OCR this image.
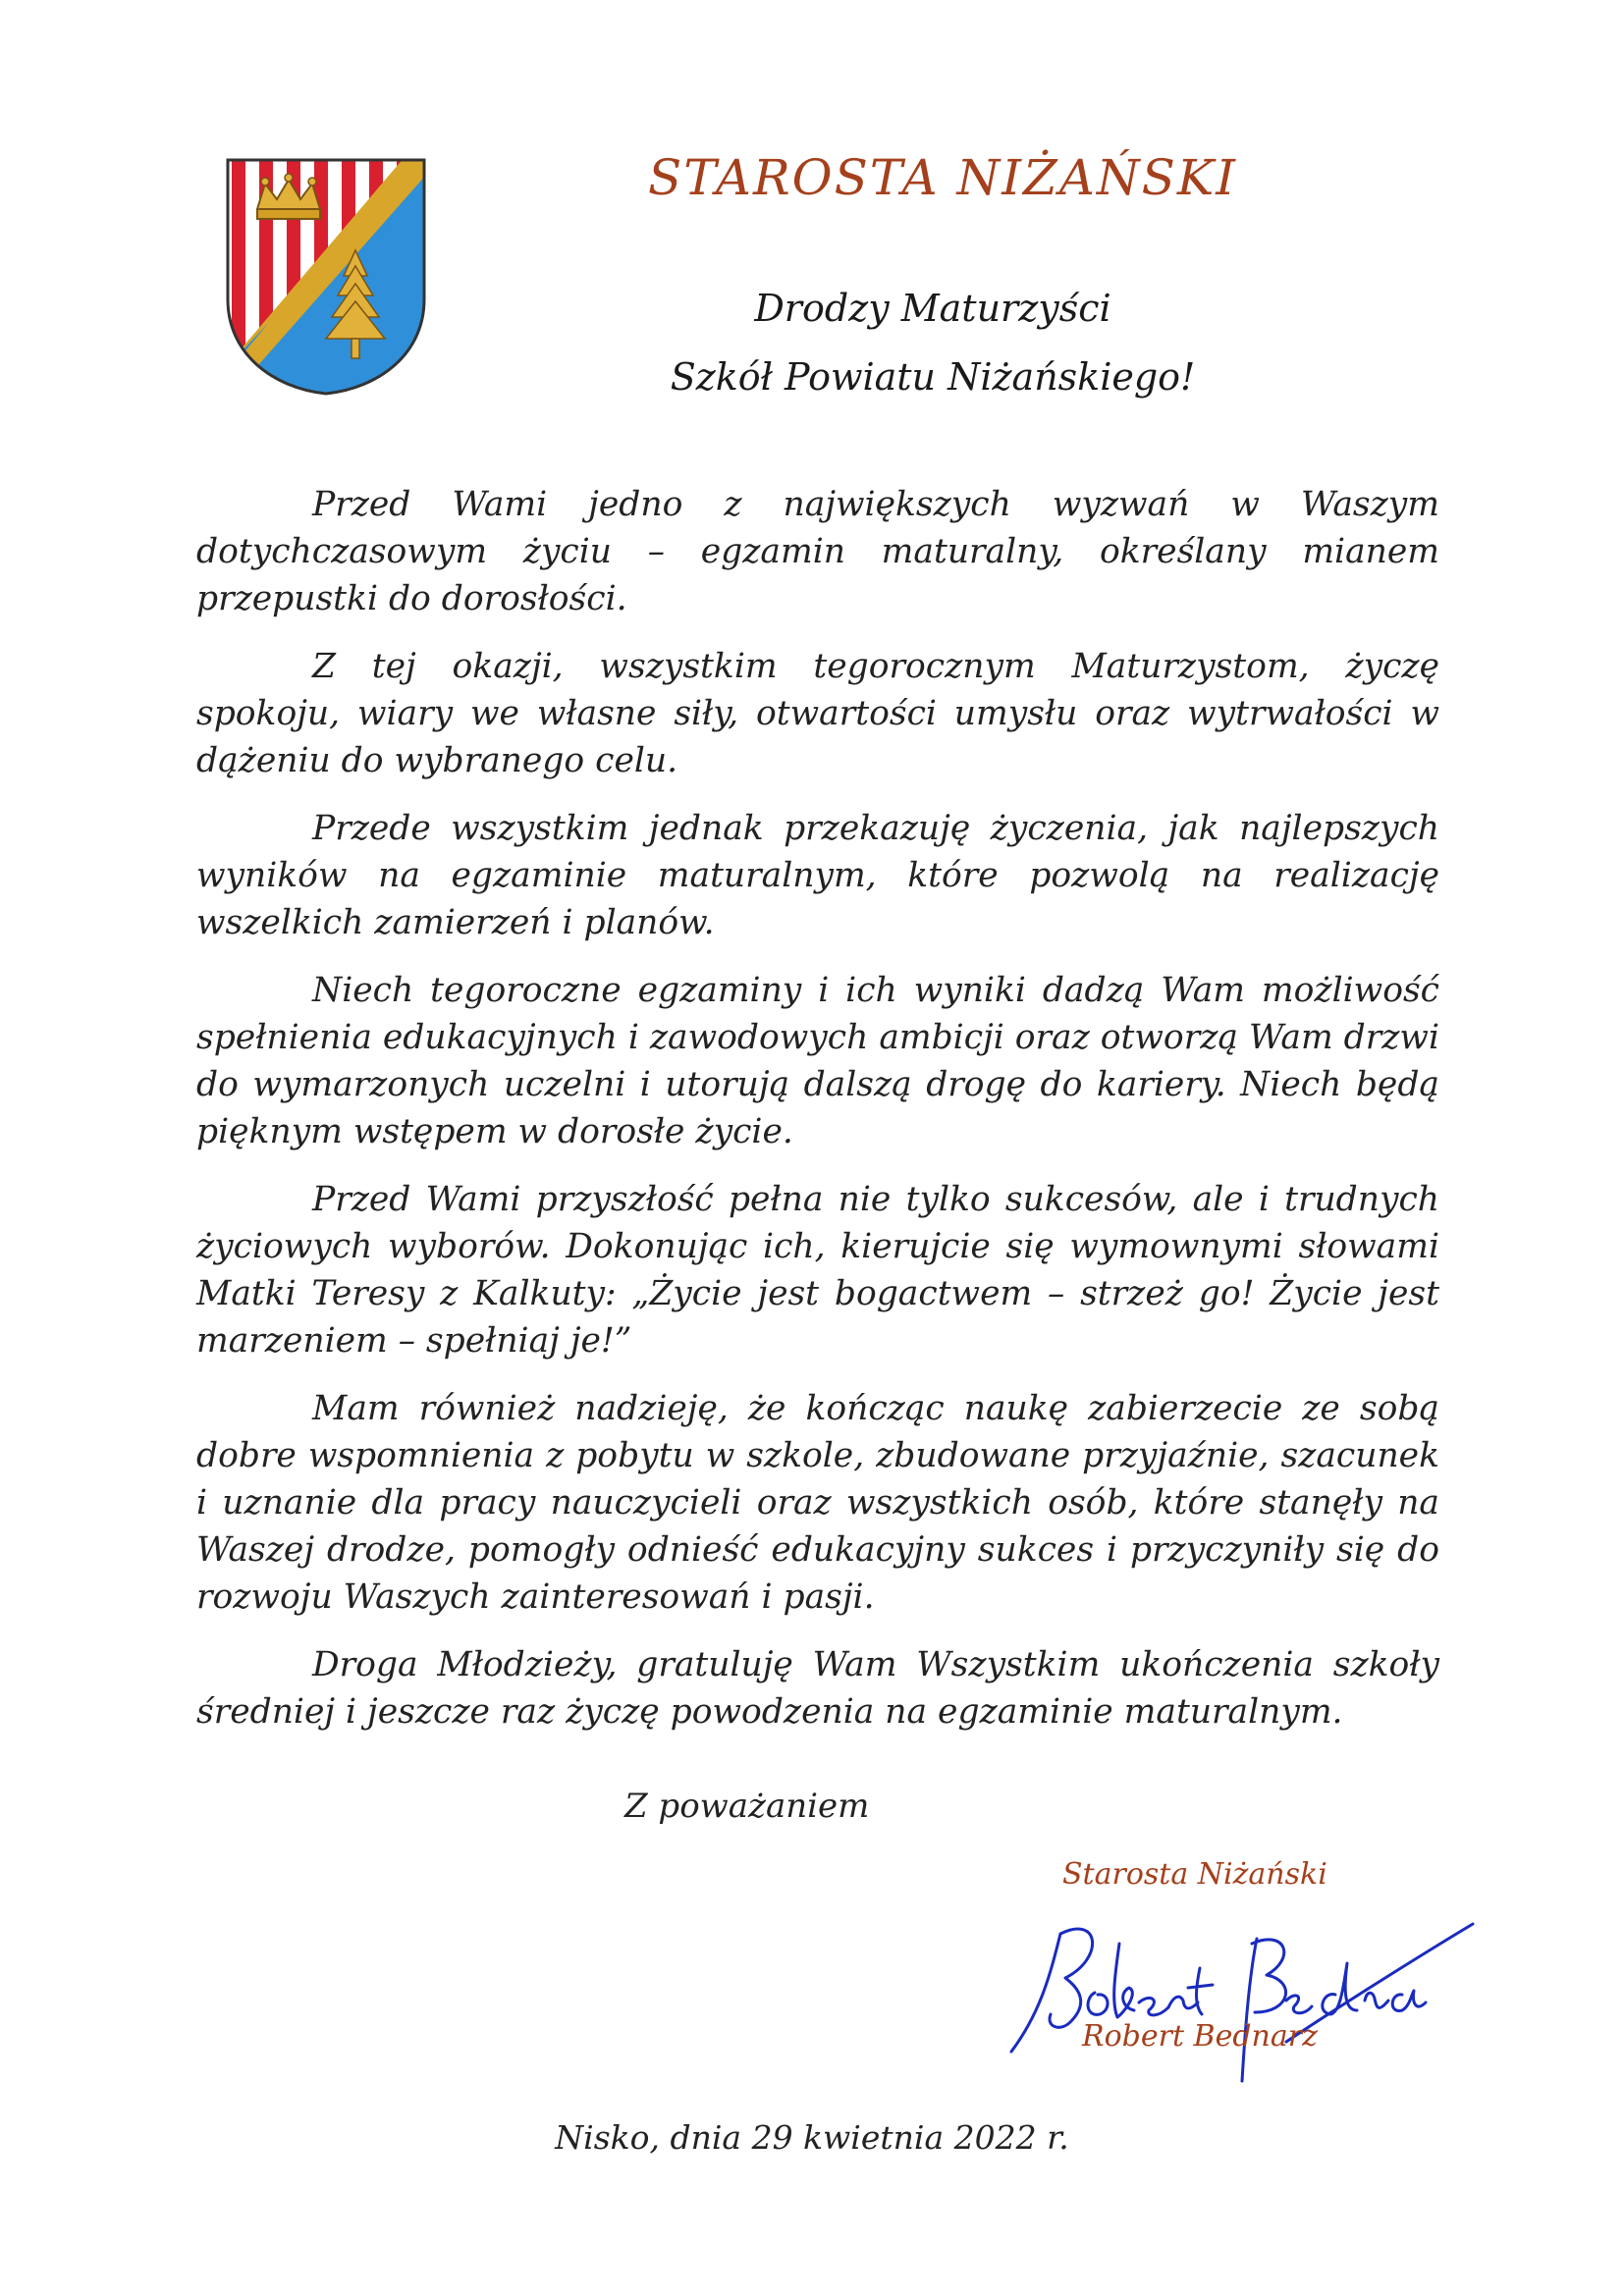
STAROSTA NIŻAŃSKI
Drodzy Maturzyści
Szkół Powiatu Niżańskiego!

Przed Wami jedno z największych wyzwań w Waszym dotychczasowym życiu – egzamin maturalny, określany mianem przepustki do dorosłości.

Z tej okazji, wszystkim tegorocznym Maturzystom, życzę spokoju, wiary we własne siły, otwartości umysłu oraz wytrwałości w dążeniu do wybranego celu.

Przede wszystkim jednak przekazuję życzenia, jak najlepszych wyników na egzaminie maturalnym, które pozwolą na realizację wszelkich zamierzeń i planów.

Niech tegoroczne egzaminy i ich wyniki dadzą Wam możliwość spełnienia edukacyjnych i zawodowych ambicji oraz otworzą Wam drzwi do wymarzonych uczelni i utorują dalszą drogę do kariery. Niech będą pięknym wstępem w dorosłe życie.

Przed Wami przyszłość pełna nie tylko sukcesów, ale i trudnych życiowych wyborów. Dokonując ich, kierujcie się wymownymi słowami Matki Teresy z Kalkuty: „Życie jest bogactwem – strzeż go! Życie jest marzeniem – spełniaj je!”

Mam również nadzieję, że kończąc naukę zabierzecie ze sobą dobre wspomnienia z pobytu w szkole, zbudowane przyjaźnie, szacunek i uznanie dla pracy nauczycieli oraz wszystkich osób, które stanęły na Waszej drodze, pomogły odnieść edukacyjny sukces i przyczyniły się do rozwoju Waszych zainteresowań i pasji.

Droga Młodzieży, gratuluję Wam Wszystkim ukończenia szkoły średniej i jeszcze raz życzę powodzenia na egzaminie maturalnym.

Z poważaniem
Starosta Niżański
Robert Bednarz
Nisko, dnia 29 kwietnia 2022 r.
